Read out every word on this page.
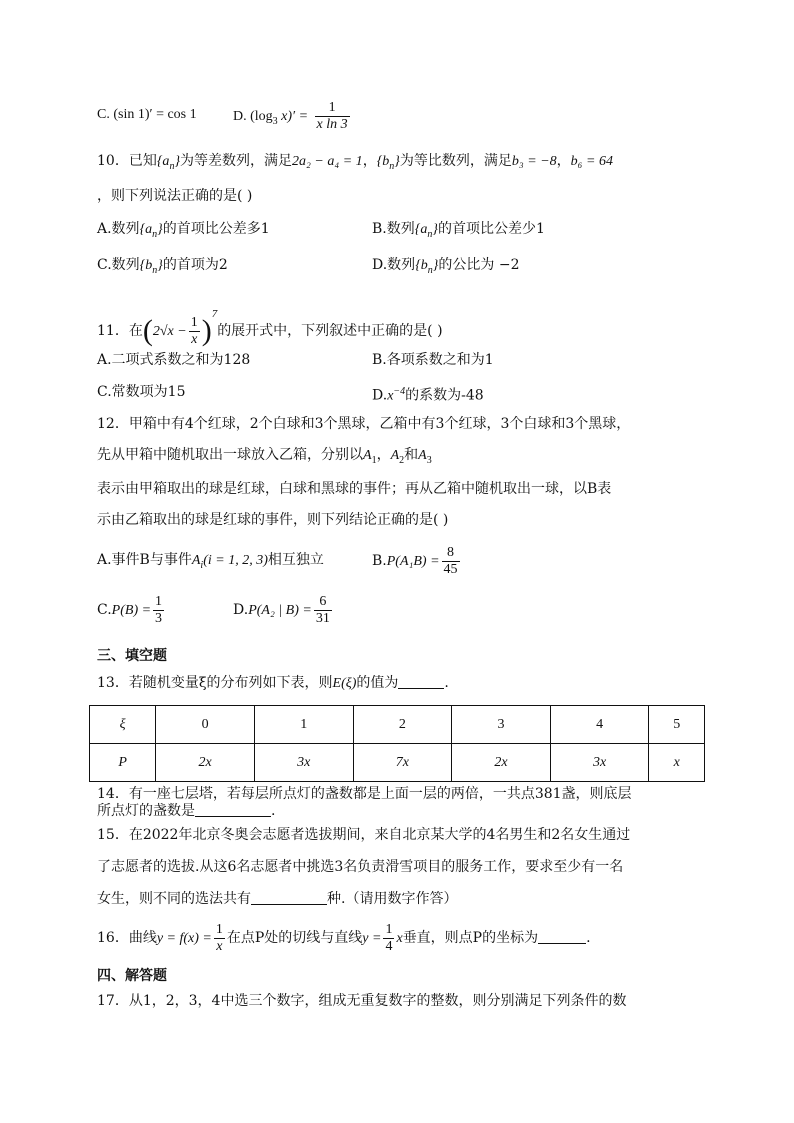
C. (sin 1)′ = cos 1	D. ($\log_3$ $x)' = \frac{1}{\text{x ln 3}}$
10．已知$\{a_n\}$为等差数列，满足2a₂ − a₄ = 1，$\{b_n\}$为等比数列，满足b₃ = −8，b₆ = 64
，则下列说法正确的是( )
A.数列$\{a_n\}$的首项比公差多1	B.数列$\{a_n\}$的首项比公差少1
C.数列$\{b_n\}$的首项为2	D.数列$\{b_n\}$的公比为 −2
11．在$(2√x - \frac{1}{x} )^7$的展开式中，下列叙述中正确的是( )
A.二项式系数之和为128	B.各项系数之和为1
C.常数项为15	$D.x^{-4}$的系数为-48
12．甲箱中有4个红球，2个白球和3个黑球，乙箱中有3个红球，3个白球和3个黑球，
先从甲箱中随机取出一球放入乙箱，分别以$A_1$，$A_2$和$A_3$
表示由甲箱取出的球是红球，白球和黑球的事件；再从乙箱中随机取出一球，以B表
示由乙箱取出的球是红球的事件，则下列结论正确的是( )
A.事件B与事件$A_i(i = 1$, 2, 3)相互独立	$B.P(A_1B) = \frac{8}{45}$
$C.P(B) = \frac{1}{3}$	D.P(A₂ | $B) = \frac{6}{31}$
三、填空题
13．若随机变量ξ的分布列如下表，则E(ξ)的值为	.
ξ	0	1	2	3	4	5
P	2x	3x	7x	2x	3x	x
14．有一座七层塔，若每层所点灯的盏数都是上面一层的两倍，一共点381盏，则底层
所点灯的盏数是	.
15．在2022年北京冬奥会志愿者选拔期间，来自北京某大学的4名男生和2名女生通过
了志愿者的选拔.从这6名志愿者中挑选3名负责滑雪项目的服务工作，要求至少有一名
女生，则不同的选法共有	种.（请用数字作答）
16．曲线$y = f(x) = \frac{1}{x}$ 在点P处的切线与直线$y = \frac{1}{4}$ x垂直，则点P的坐标为	.
四、解答题
17．从1，2，3，4中选三个数字，组成无重复数字的整数，则分别满足下列条件的数
